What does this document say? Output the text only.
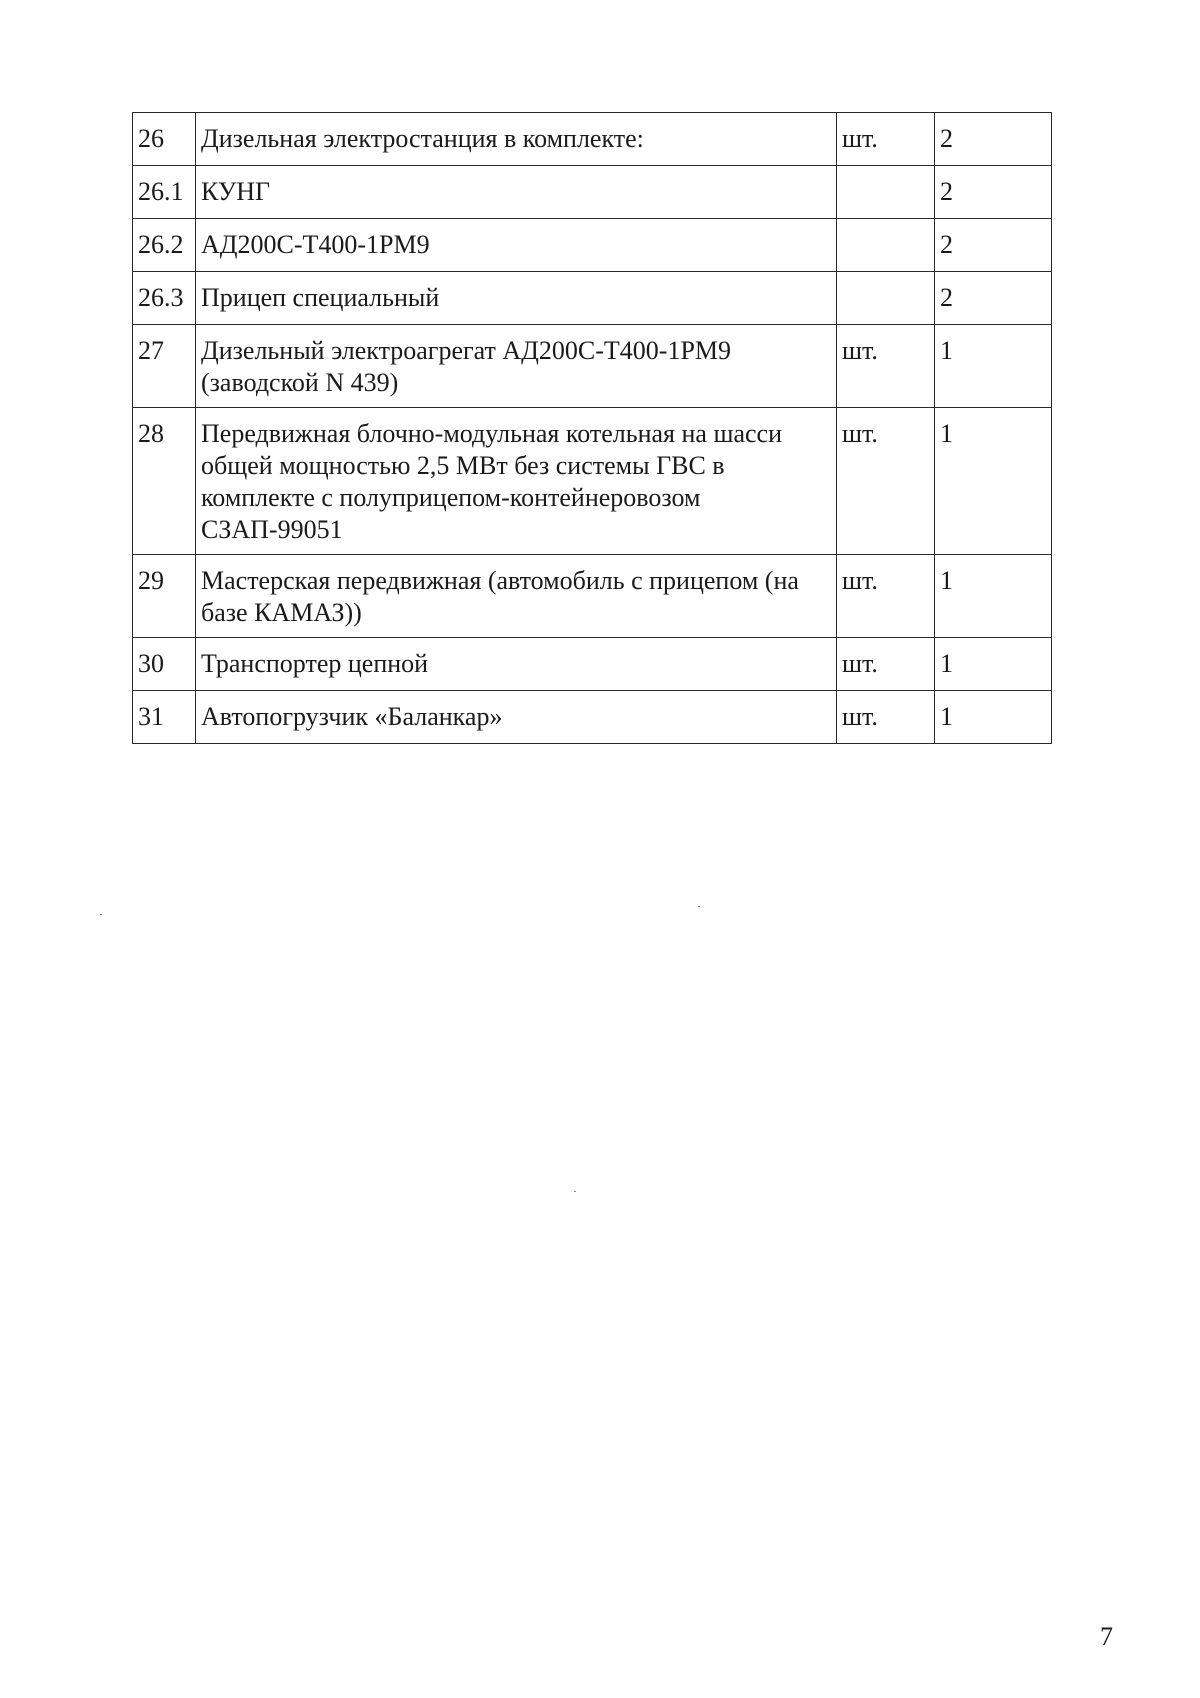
26	Дизельная электростанция в комплекте:	шт.	2
26.1	КУНГ		2
26.2	АД200С-Т400-1РМ9		2
26.3	Прицеп специальный		2
27	Дизельный электроагрегат АД200С-Т400-1РМ9 (заводской N 439)	шт.	1
28	Передвижная блочно-модульная котельная на шасси общей мощностью 2,5 МВт без системы ГВС в комплекте с полуприцепом-контейнеровозом СЗАП-99051	шт.	1
29	Мастерская передвижная (автомобиль с прицепом (на базе КАМАЗ))	шт.	1
30	Транспортер цепной	шт.	1
31	Автопогрузчик «Баланкар»	шт.	1
7
